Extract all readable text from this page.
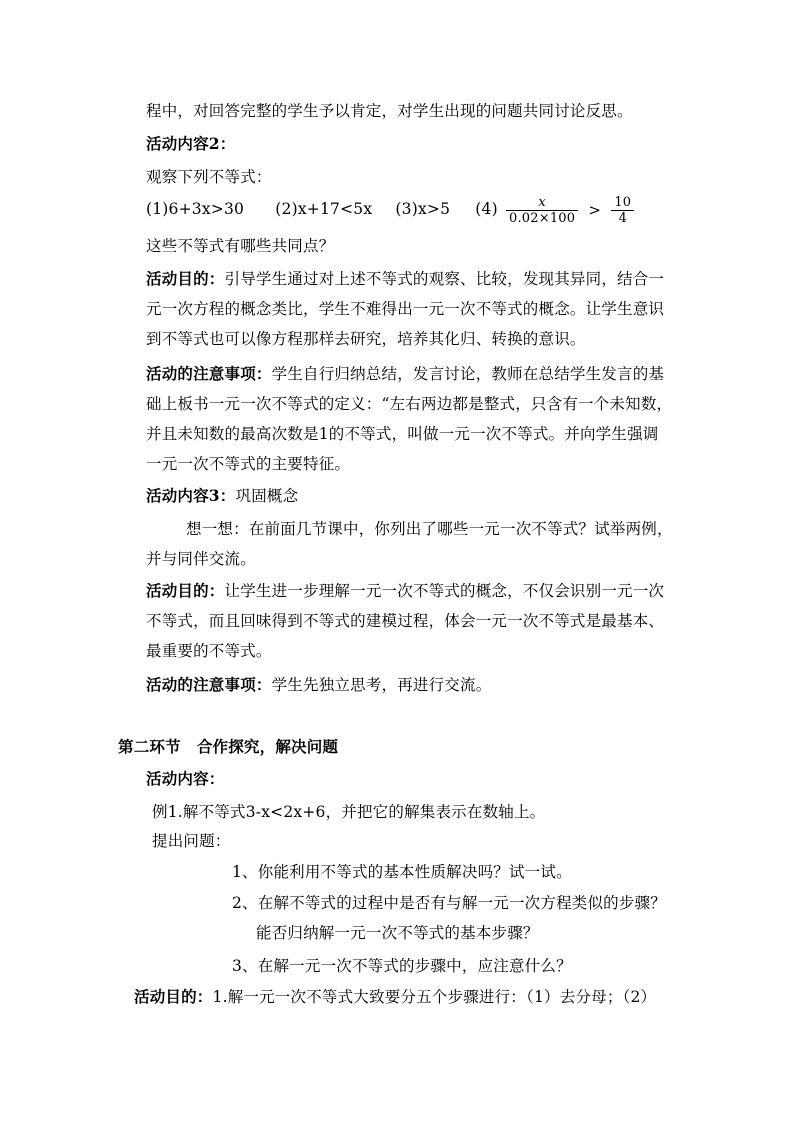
程中，对回答完整的学生予以肯定，对学生出现的问题共同讨论反思。
活动内容2：
观察下列不等式：
(1)6+3x>30 (2)x+17<5x (3)x>5 $(4) \frac{x}{0.02\times 100} > \frac{10}{4}$
这些不等式有哪些共同点？
活动目的：引导学生通过对上述不等式的观察、比较，发现其异同，结合一
元一次方程的概念类比，学生不难得出一元一次不等式的概念。让学生意识
到不等式也可以像方程那样去研究，培养其化归、转换的意识。
活动的注意事项：学生自行归纳总结，发言讨论，教师在总结学生发言的基
础上板书一元一次不等式的定义：“左右两边都是整式，只含有一个未知数，
并且未知数的最高次数是1的不等式，叫做一元一次不等式。并向学生强调
一元一次不等式的主要特征。
活动内容3：巩固概念
想一想：在前面几节课中，你列出了哪些一元一次不等式？试举两例，
并与同伴交流。
活动目的：让学生进一步理解一元一次不等式的概念，不仅会识别一元一次
不等式，而且回味得到不等式的建模过程，体会一元一次不等式是最基本、
最重要的不等式。
活动的注意事项：学生先独立思考，再进行交流。
第二环节 合作探究，解决问题
活动内容：
例1.解不等式3-x<2x+6，并把它的解集表示在数轴上。
提出问题：
1、你能利用不等式的基本性质解决吗？试一试。
2、在解不等式的过程中是否有与解一元一次方程类似的步骤？
能否归纳解一元一次不等式的基本步骤？
3、在解一元一次不等式的步骤中，应注意什么？
活动目的：1.解一元一次不等式大致要分五个步骤进行：（1）去分母；（2）
